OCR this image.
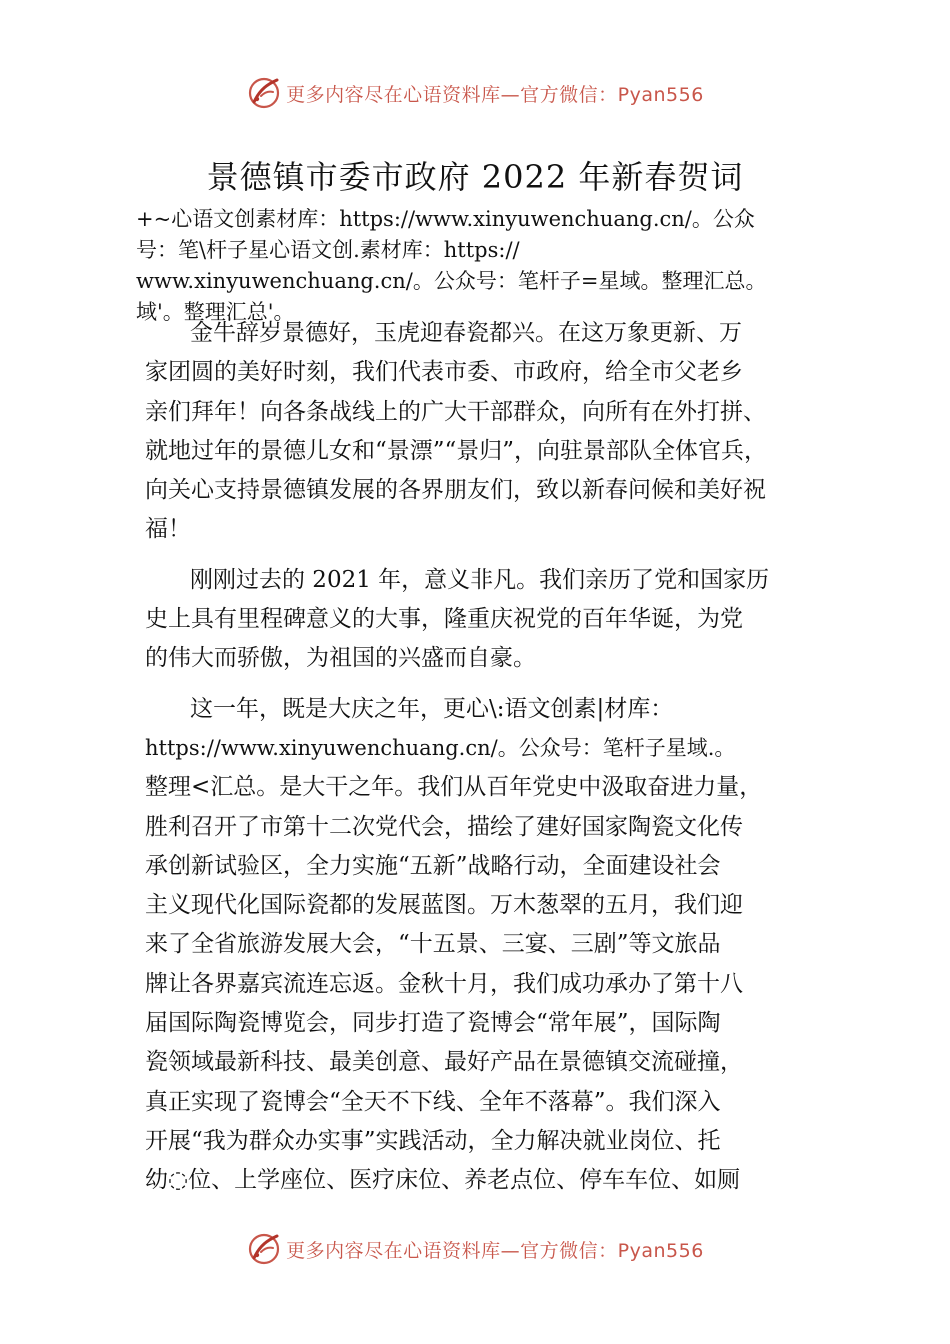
更多内容尽在心语资料库—官方微信：Pyan556
景德镇市委市政府 2022 年新春贺词
+~心语文创素材库：https://www.xinyuwenchuang.cn/。公众
号：笔\杆子星心语文创.素材库：https://
www.xinyuwenchuang.cn/。公众号：笔杆子=星域。整理汇总。
域'。整理汇总'。
金牛辞岁景德好，玉虎迎春瓷都兴。在这万象更新、万
家团圆的美好时刻，我们代表市委、市政府，给全市父老乡
亲们拜年！向各条战线上的广大干部群众，向所有在外打拼、
就地过年的景德儿女和“景漂”“景归”，向驻景部队全体官兵，
向关心支持景德镇发展的各界朋友们，致以新春问候和美好祝
福！
刚刚过去的 2021 年，意义非凡。我们亲历了党和国家历
史上具有里程碑意义的大事，隆重庆祝党的百年华诞，为党
的伟大而骄傲，为祖国的兴盛而自豪。
这一年，既是大庆之年，更心\:语文创素|材库：
https://www.xinyuwenchuang.cn/。公众号：笔杆子星域.。
整理<汇总。是大干之年。我们从百年党史中汲取奋进力量，
胜利召开了市第十二次党代会，描绘了建好国家陶瓷文化传
承创新试验区，全力实施“五新”战略行动，全面建设社会
主义现代化国际瓷都的发展蓝图。万木葱翠的五月，我们迎
来了全省旅游发展大会，“十五景、三宴、三剧”等文旅品
牌让各界嘉宾流连忘返。金秋十月，我们成功承办了第十八
届国际陶瓷博览会，同步打造了瓷博会“常年展”，国际陶
瓷领域最新科技、最美创意、最好产品在景德镇交流碰撞，
真正实现了瓷博会“全天不下线、全年不落幕”。我们深入
开展“我为群众办实事”实践活动，全力解决就业岗位、托
幼◌位、上学座位、医疗床位、养老点位、停车车位、如厕
更多内容尽在心语资料库—官方微信：Pyan556
